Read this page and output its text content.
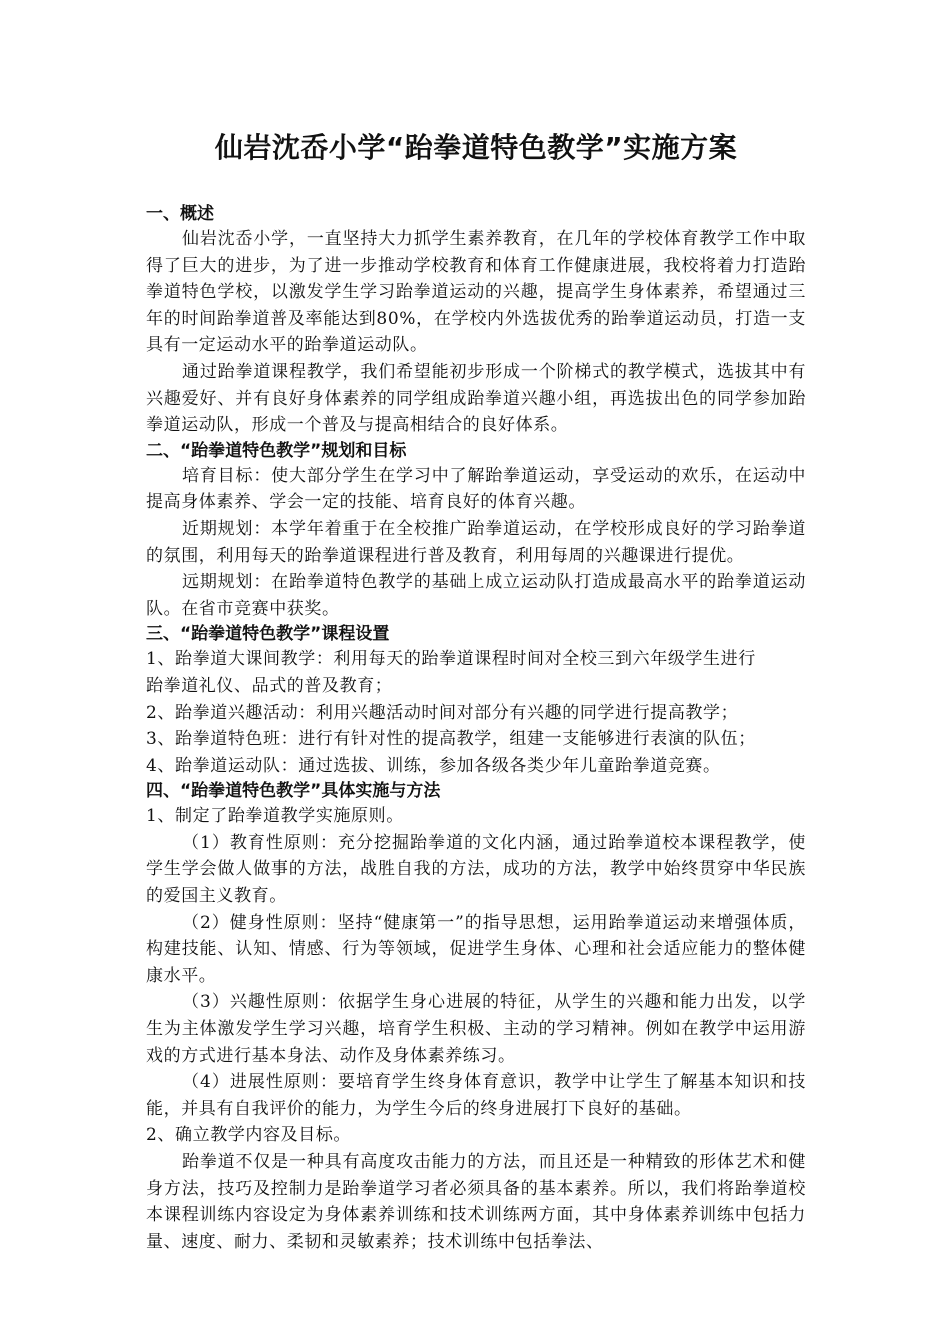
仙岩沈岙小学“跆拳道特色教学”实施方案
一、概述

仙岩沈岙小学，一直坚持大力抓学生素养教育，在几年的学校体育教学工作中取得了巨大的进步，为了进一步推动学校教育和体育工作健康进展，我校将着力打造跆拳道特色学校，以激发学生学习跆拳道运动的兴趣，提高学生身体素养，希望通过三年的时间跆拳道普及率能达到80%，在学校内外选拔优秀的跆拳道运动员，打造一支具有一定运动水平的跆拳道运动队。

通过跆拳道课程教学，我们希望能初步形成一个阶梯式的教学模式，选拔其中有兴趣爱好、并有良好身体素养的同学组成跆拳道兴趣小组，再选拔出色的同学参加跆拳道运动队，形成一个普及与提高相结合的良好体系。

二、“跆拳道特色教学”规划和目标

培育目标：使大部分学生在学习中了解跆拳道运动，享受运动的欢乐，在运动中提高身体素养、学会一定的技能、培育良好的体育兴趣。

近期规划：本学年着重于在全校推广跆拳道运动，在学校形成良好的学习跆拳道的氛围，利用每天的跆拳道课程进行普及教育，利用每周的兴趣课进行提优。

远期规划：在跆拳道特色教学的基础上成立运动队打造成最高水平的跆拳道运动队。在省市竞赛中获奖。

三、“跆拳道特色教学”课程设置
1、跆拳道大课间教学：利用每天的跆拳道课程时间对全校三到六年级学生进行
跆拳道礼仪、品式的普及教育；
2、跆拳道兴趣活动：利用兴趣活动时间对部分有兴趣的同学进行提高教学；
3、跆拳道特色班：进行有针对性的提高教学，组建一支能够进行表演的队伍；
4、跆拳道运动队：通过选拔、训练，参加各级各类少年儿童跆拳道竞赛。
四、“跆拳道特色教学”具体实施与方法
1、制定了跆拳道教学实施原则。

（1）教育性原则：充分挖掘跆拳道的文化内涵，通过跆拳道校本课程教学，使学生学会做人做事的方法，战胜自我的方法，成功的方法，教学中始终贯穿中华民族的爱国主义教育。

（2）健身性原则：坚持“健康第一”的指导思想，运用跆拳道运动来增强体质，构建技能、认知、情感、行为等领域，促进学生身体、心理和社会适应能力的整体健康水平。

（3）兴趣性原则：依据学生身心进展的特征，从学生的兴趣和能力出发，以学生为主体激发学生学习兴趣，培育学生积极、主动的学习精神。例如在教学中运用游戏的方式进行基本身法、动作及身体素养练习。

（4）进展性原则：要培育学生终身体育意识，教学中让学生了解基本知识和技能，并具有自我评价的能力，为学生今后的终身进展打下良好的基础。

2、确立教学内容及目标。

跆拳道不仅是一种具有高度攻击能力的方法，而且还是一种精致的形体艺术和健身方法，技巧及控制力是跆拳道学习者必须具备的基本素养。所以，我们将跆拳道校本课程训练内容设定为身体素养训练和技术训练两方面，其中身体素养训练中包括力量、速度、耐力、柔韧和灵敏素养；技术训练中包括拳法、
